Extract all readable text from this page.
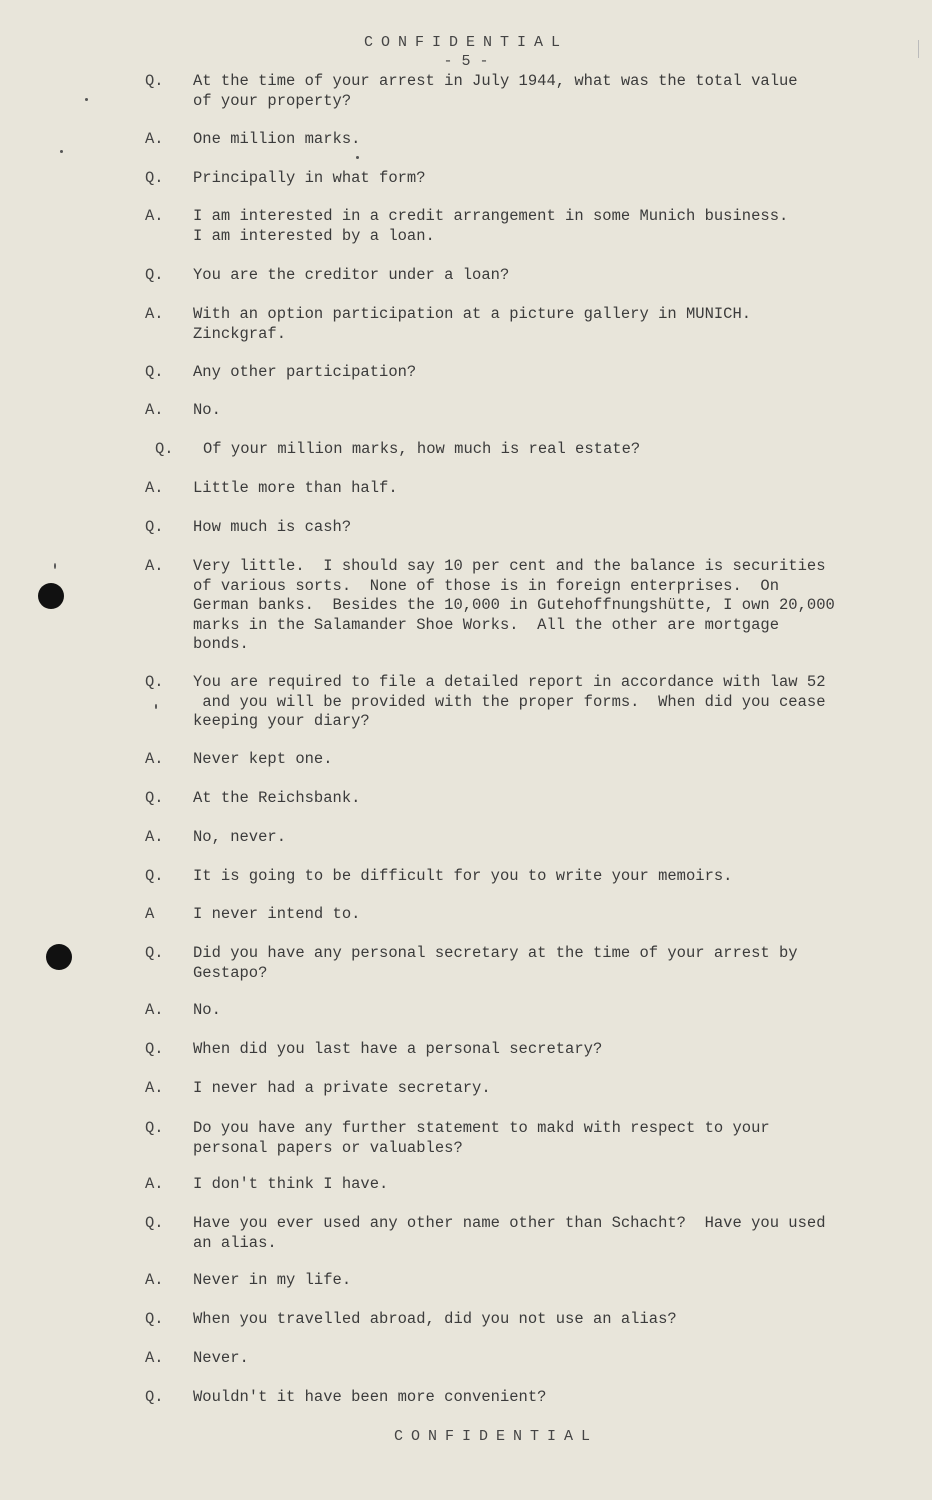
CONFIDENTIAL
- 5 -
Q. At the time of your arrest in July 1944, what was the total value
of your property?
A. One million marks.
Q. Principally in what form?
A. I am interested in a credit arrangement in some Munich business.
I am interested by a loan.
Q. You are the creditor under a loan?
A. With an option participation at a picture gallery in MUNICH.
Zinckgraf.
Q. Any other participation?
A. No.
Q. Of your million marks, how much is real estate?
A. Little more than half.
Q. How much is cash?
A. Very little.  I should say 10 per cent and the balance is securities
of various sorts.  None of those is in foreign enterprises.  On
German banks.  Besides the 10,000 in Gutehoffnungshütte, I own 20,000
marks in the Salamander Shoe Works.  All the other are mortgage
bonds.
Q. You are required to file a detailed report in accordance with law 52
and you will be provided with the proper forms.  When did you cease
keeping your diary?
A. Never kept one.
Q. At the Reichsbank.
A. No, never.
Q. It is going to be difficult for you to write your memoirs.
A I never intend to.
Q. Did you have any personal secretary at the time of your arrest by
Gestapo?
A. No.
Q. When did you last have a personal secretary?
A. I never had a private secretary.
Q. Do you have any further statement to makd with respect to your
personal papers or valuables?
A. I don't think I have.
Q. Have you ever used any other name other than Schacht?  Have you used
an alias.
A. Never in my life.
Q. When you travelled abroad, did you not use an alias?
A. Never.
Q. Wouldn't it have been more convenient?
CONFIDENTIAL
